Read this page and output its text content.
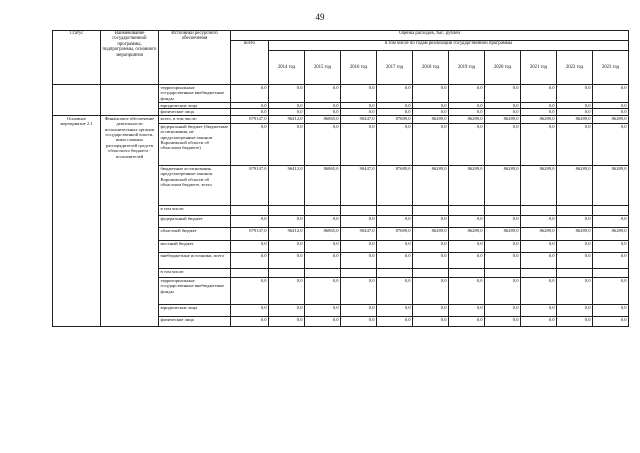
49
Статус	Наименование государственной программы, подпрограммы, основного мероприятия	Источники ресурсного обеспечения	Оценка расходов, тыс. рублей										
			всего	в том числе по годам реализации государственной программы									
				2014 год	2015 год	2016 год	2017 год	2018 год	2019 год	2020 год	2021 год	2022 год	2023 год
		территориальные государственные внебюджетные фонды	0,0	0,0	0,0	0,0	0,0	0,0	0,0	0,0	0,0	0,0	0,0
		юридические лица	0,0	0,0	0,0	0,0	0,0	0,0	0,0	0,0	0,0	0,0	0,0
		физические лица	0,0	0,0	0,0	0,0	0,0	0,0	0,0	0,0	0,0	0,0	0,0
Основное мероприятие 2.1	Финансовое обеспечение деятельности исполнительных органов государственной власти, иных главных распорядителей средств областного бюджета - исполнителей	всего, в том числе:	879147,0	96412,0	86865,0	90447,0	87689,0	86289,0	86289,0	86289,0	86289,0	86289,0	86289,0
		федеральный бюджет (бюджетные ассигнования, не предусмотренные законом Воронежской области об областном бюджете)	0,0	0,0	0,0	0,0	0,0	0,0	0,0	0,0	0,0	0,0	0,0
		бюджетные ассигнования, предусмотренные законом Воронежской области об областном бюджете, всего	879147,0	96412,0	86865,0	90447,0	87689,0	86289,0	86289,0	86289,0	86289,0	86289,0	86289,0
		в том числе:											
		федеральный бюджет	0,0	0,0	0,0	0,0	0,0	0,0	0,0	0,0	0,0	0,0	0,0
		областной бюджет	879147,0	96412,0	86865,0	90447,0	87689,0	86289,0	86289,0	86289,0	86289,0	86289,0	86289,0
		местный бюджет	0,0	0,0	0,0	0,0	0,0	0,0	0,0	0,0	0,0	0,0	0,0
		внебюджетные источники, всего	0,0	0,0	0,0	0,0	0,0	0,0	0,0	0,0	0,0	0,0	0,0
		в том числе:											
		территориальные государственные внебюджетные фонды	0,0	0,0	0,0	0,0	0,0	0,0	0,0	0,0	0,0	0,0	0,0
		юридические лица	0,0	0,0	0,0	0,0	0,0	0,0	0,0	0,0	0,0	0,0	0,0
		физические лица	0,0	0,0	0,0	0,0	0,0	0,0	0,0	0,0	0,0	0,0	0,0
